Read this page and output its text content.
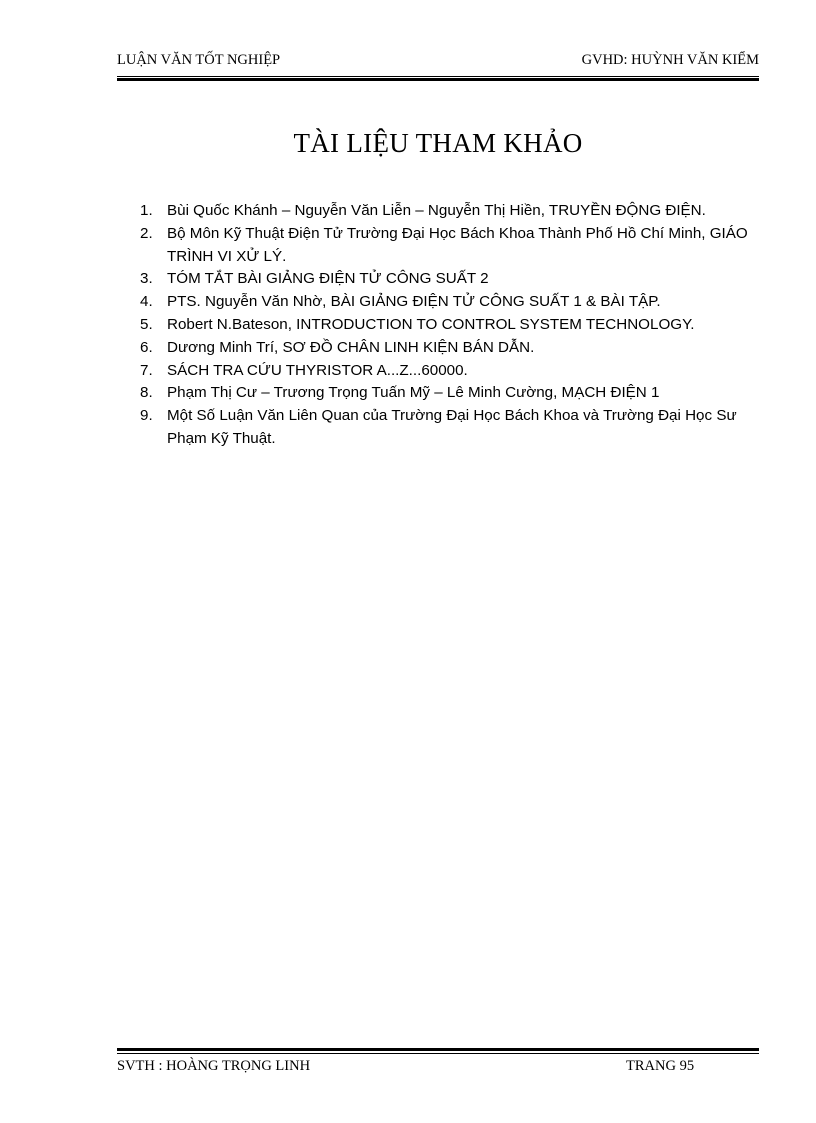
LUẬN VĂN TỐT NGHIỆP	GVHD: HUỲNH VĂN KIỂM
TÀI LIỆU THAM KHẢO
1. Bùi Quốc Khánh – Nguyễn Văn Liễn – Nguyễn Thị Hiền, TRUYỀN ĐỘNG ĐIỆN.
2. Bộ Môn Kỹ Thuật Điện Tử Trường Đại Học Bách Khoa Thành Phố Hồ Chí Minh, GIÁO TRÌNH VI XỬ LÝ.
3. TÓM TẮT BÀI GIẢNG ĐIỆN TỬ CÔNG SUẤT 2
4. PTS. Nguyễn Văn Nhờ, BÀI GIẢNG ĐIỆN TỬ CÔNG SUẤT 1 & BÀI TẬP.
5. Robert N.Bateson, INTRODUCTION TO CONTROL SYSTEM TECHNOLOGY.
6. Dương Minh Trí, SƠ ĐỒ CHÂN LINH KIỆN BÁN DẪN.
7. SÁCH TRA CỨU THYRISTOR A...Z...60000.
8. Phạm Thị Cư – Trương Trọng Tuấn Mỹ – Lê Minh Cường, MẠCH ĐIỆN 1
9. Một Số Luận Văn Liên Quan của Trường Đại Học Bách Khoa và Trường Đại Học Sư Phạm Kỹ Thuật.
SVTH : HOÀNG TRỌNG LINH	TRANG 95
